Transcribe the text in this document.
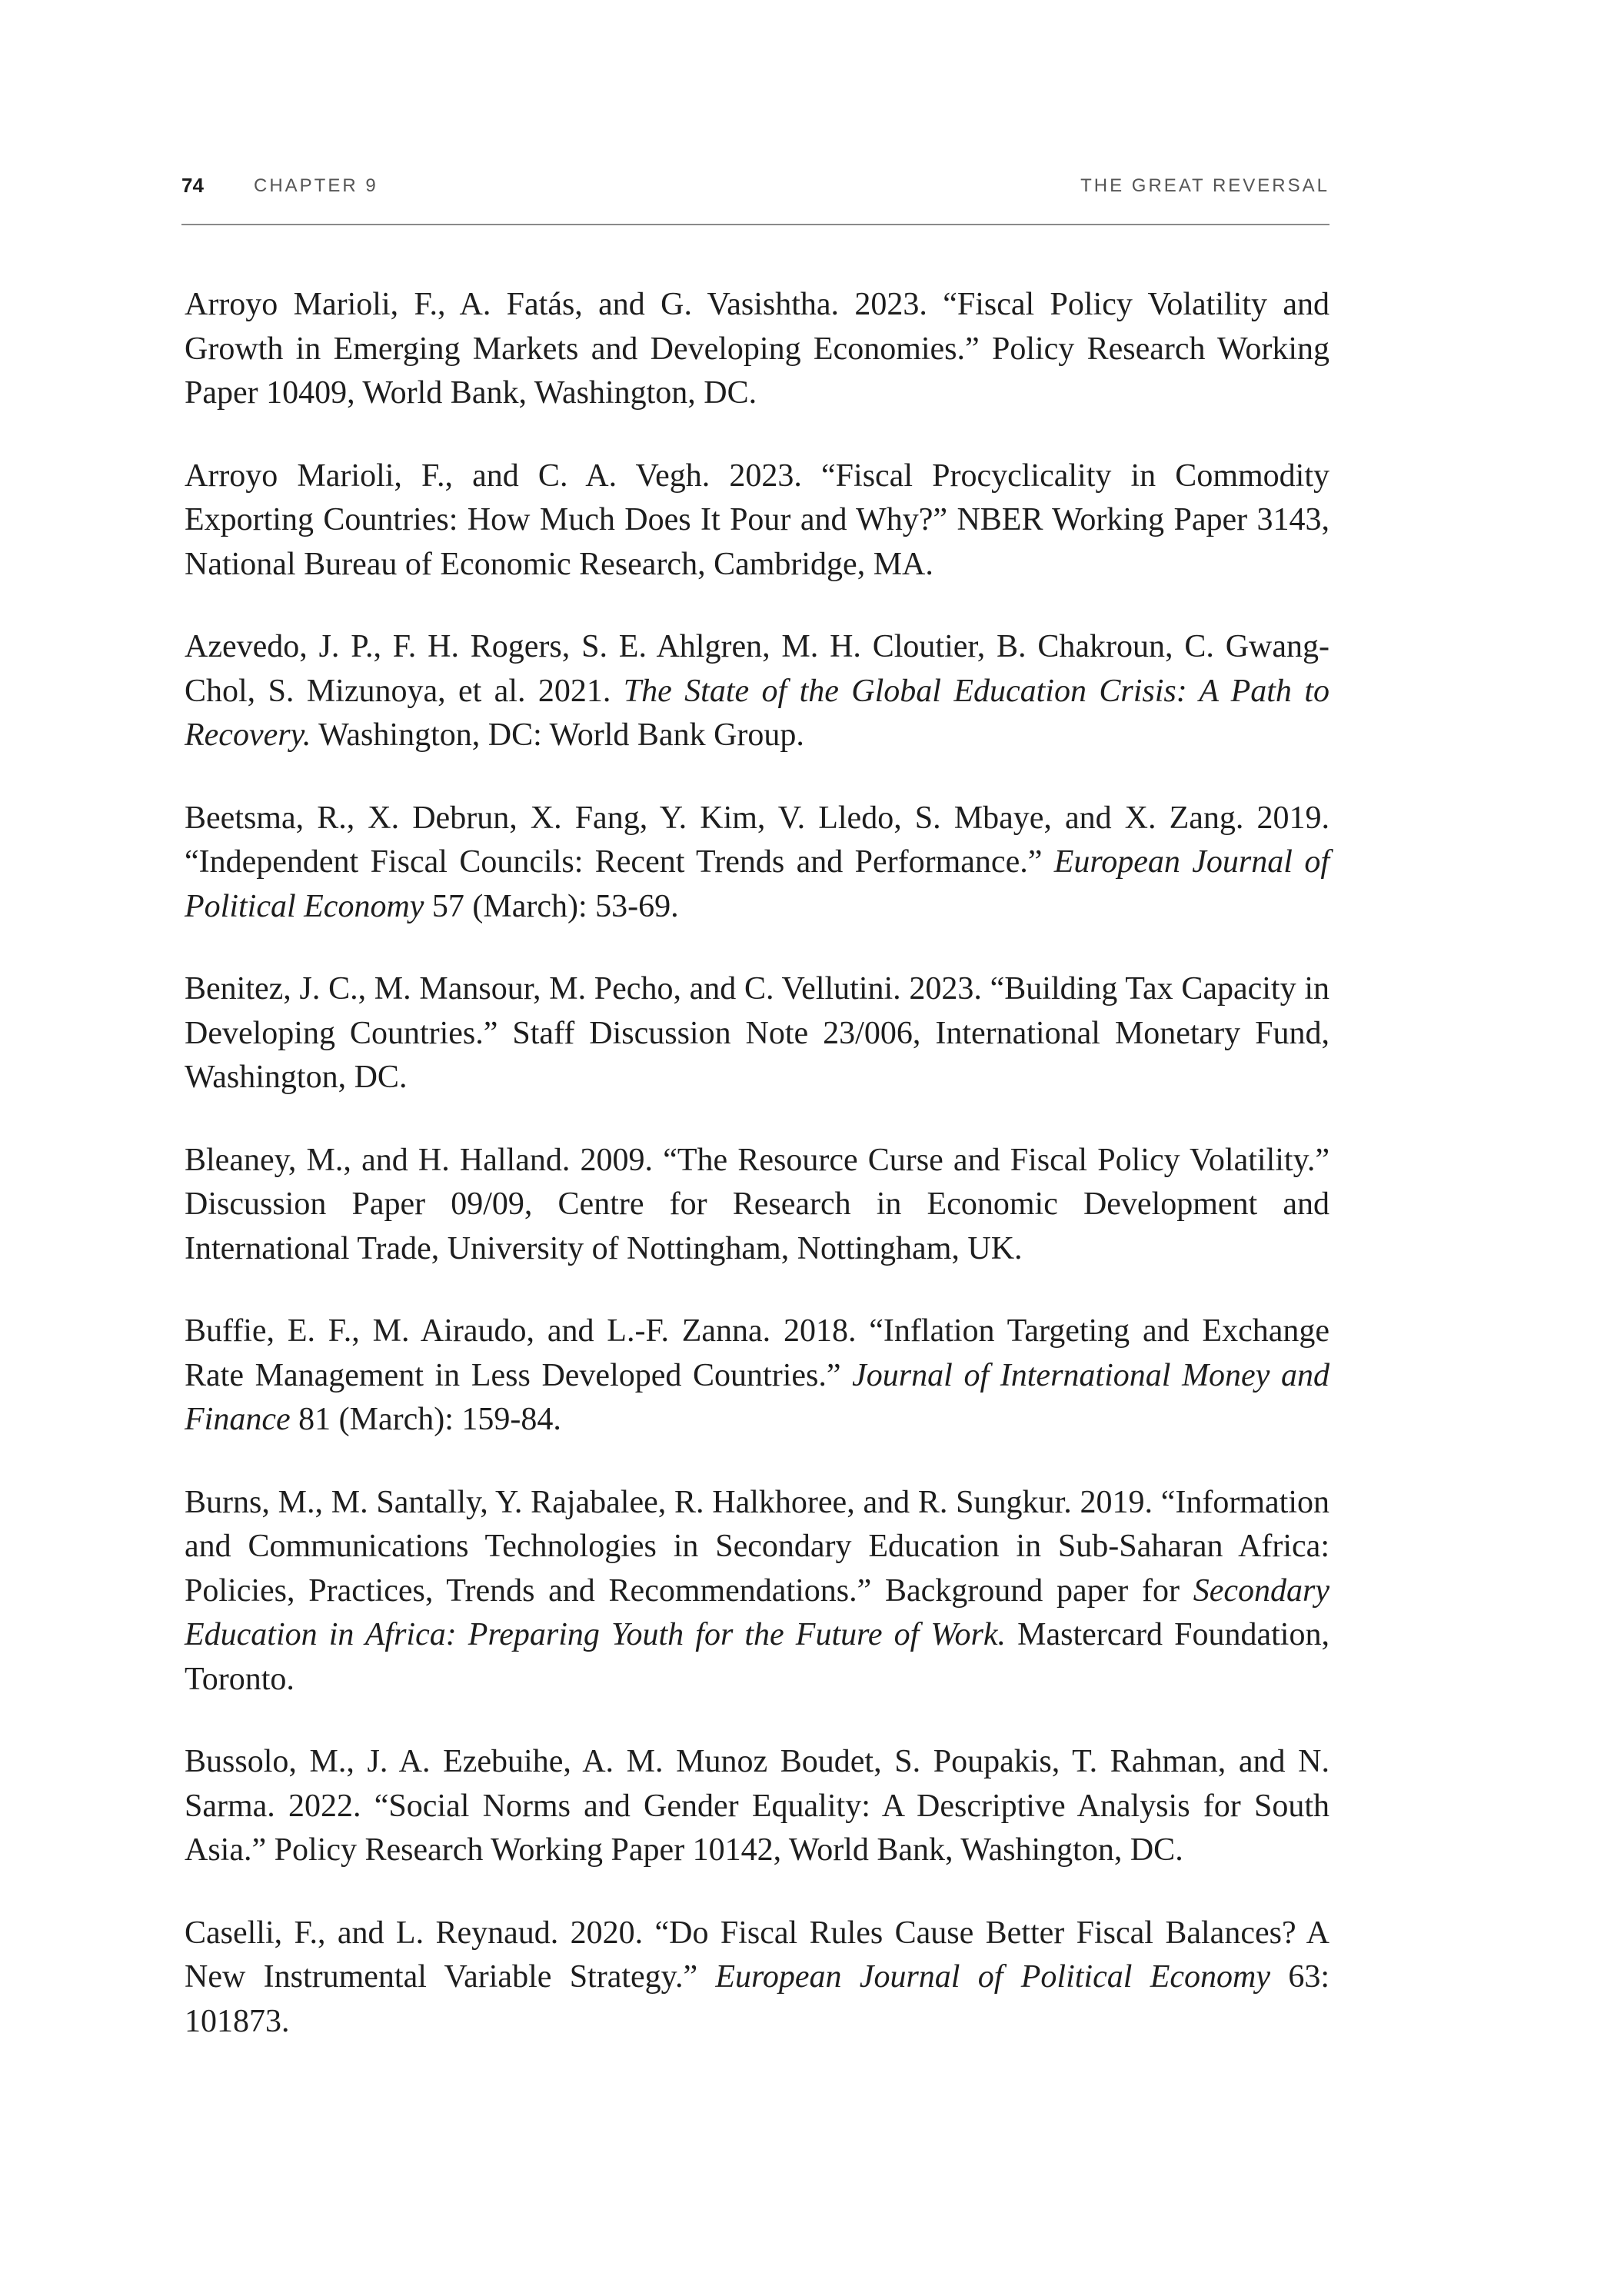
74	CHAPTER 9	THE GREAT REVERSAL

Arroyo Marioli, F., A. Fatás, and G. Vasishtha. 2023. “Fiscal Policy Volatility and Growth in Emerging Markets and Developing Economies.” Policy Research Working Paper 10409, World Bank, Washington, DC.

Arroyo Marioli, F., and C. A. Vegh. 2023. “Fiscal Procyclicality in Commodity Exporting Countries: How Much Does It Pour and Why?” NBER Working Paper 3143, National Bureau of Economic Research, Cambridge, MA.

Azevedo, J. P., F. H. Rogers, S. E. Ahlgren, M. H. Cloutier, B. Chakroun, C. Gwang-Chol, S. Mizunoya, et al. 2021. The State of the Global Education Crisis: A Path to Recovery. Washington, DC: World Bank Group.

Beetsma, R., X. Debrun, X. Fang, Y. Kim, V. Lledo, S. Mbaye, and X. Zang. 2019. “Independent Fiscal Councils: Recent Trends and Performance.” European Journal of Political Economy 57 (March): 53-69.

Benitez, J. C., M. Mansour, M. Pecho, and C. Vellutini. 2023. “Building Tax Capacity in Developing Countries.” Staff Discussion Note 23/006, International Monetary Fund, Washington, DC.

Bleaney, M., and H. Halland. 2009. “The Resource Curse and Fiscal Policy Volatility.” Discussion Paper 09/09, Centre for Research in Economic Development and International Trade, University of Nottingham, Nottingham, UK.

Buffie, E. F., M. Airaudo, and L.-F. Zanna. 2018. “Inflation Targeting and Exchange Rate Management in Less Developed Countries.” Journal of International Money and Finance 81 (March): 159-84.

Burns, M., M. Santally, Y. Rajabalee, R. Halkhoree, and R. Sungkur. 2019. “Information and Communications Technologies in Secondary Education in Sub-Saharan Africa: Policies, Practices, Trends and Recommendations.” Background paper for Secondary Education in Africa: Preparing Youth for the Future of Work. Mastercard Foundation, Toronto.

Bussolo, M., J. A. Ezebuihe, A. M. Munoz Boudet, S. Poupakis, T. Rahman, and N. Sarma. 2022. “Social Norms and Gender Equality: A Descriptive Analysis for South Asia.” Policy Research Working Paper 10142, World Bank, Washington, DC.

Caselli, F., and L. Reynaud. 2020. “Do Fiscal Rules Cause Better Fiscal Balances? A New Instrumental Variable Strategy.” European Journal of Political Economy 63: 101873.
